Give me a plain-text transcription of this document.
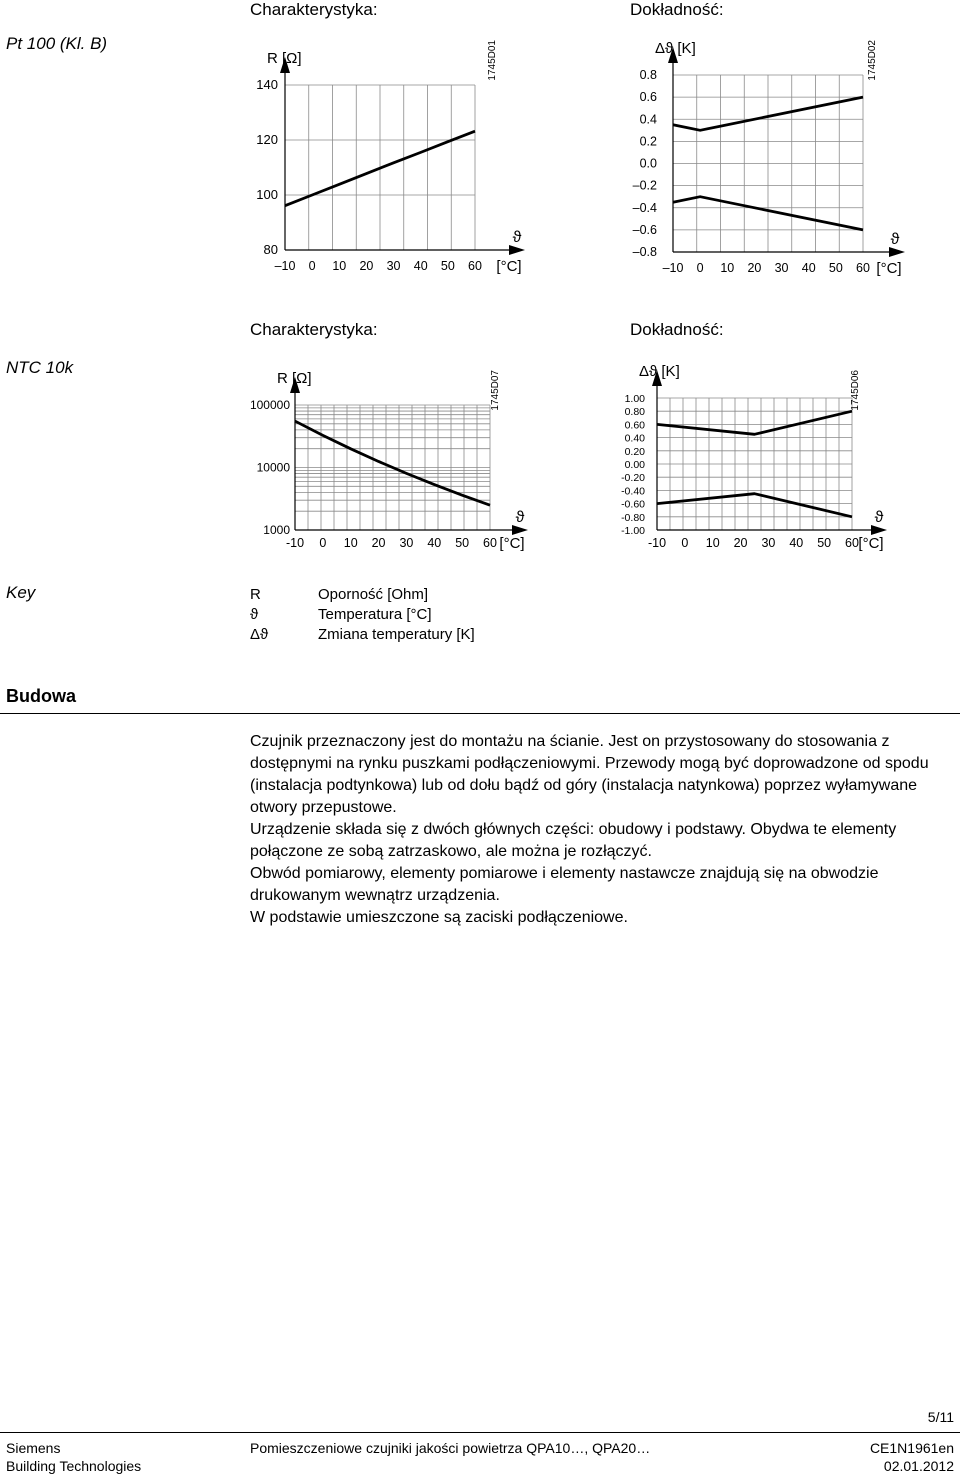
Pt 100 (Kl. B)
Charakterystyka:	Dokładność:
R [Ω]
140
120
100
80
–10 0 10 20 30 40 50 60
ϑ
[°C]
1745D01	Δϑ [K]
0.8
0.6
0.4
0.2
0.0
–0.2
–0.4
–0.6
–0.8
–10 0 10 20 30 40 50 60
ϑ
[°C]
1745D02
Charakterystyka:	Dokładność:
NTC 10k
R [Ω]
100000
10000
1000
-10 0 10 20 30 40 50 60
ϑ
[°C]
1745D07	Δϑ [K]
1.00
0.80
0.60
0.40
0.20
0.00
-0.20
-0.40
-0.60
-0.80
-1.00
-10 0 10 20 30 40 50 60
ϑ
[°C]
1745D06
Key	R	Oporność [Ohm]
ϑ	Temperatura [°C]
Δϑ	Zmiana temperatury [K]
Budowa

Czujnik przeznaczony jest do montażu na ścianie. Jest on przystosowany do stosowania z dostępnymi na rynku puszkami podłączeniowymi. Przewody mogą być doprowadzone od spodu (instalacja podtynkowa) lub od dołu bądź od góry (instalacja natynkowa) poprzez wyłamywane otwory przepustowe.

Urządzenie składa się z dwóch głównych części: obudowy i podstawy. Obydwa te elementy połączone ze sobą zatrzaskowo, ale można je rozłączyć.

Obwód pomiarowy, elementy pomiarowe i elementy nastawcze znajdują się na obwodzie drukowanym wewnątrz urządzenia.

W podstawie umieszczone są zaciski podłączeniowe.

5/11
Siemens
Building Technologies
Pomieszczeniowe czujniki jakości powietrza QPA10…, QPA20…	CE1N1961en
02.01.2012
